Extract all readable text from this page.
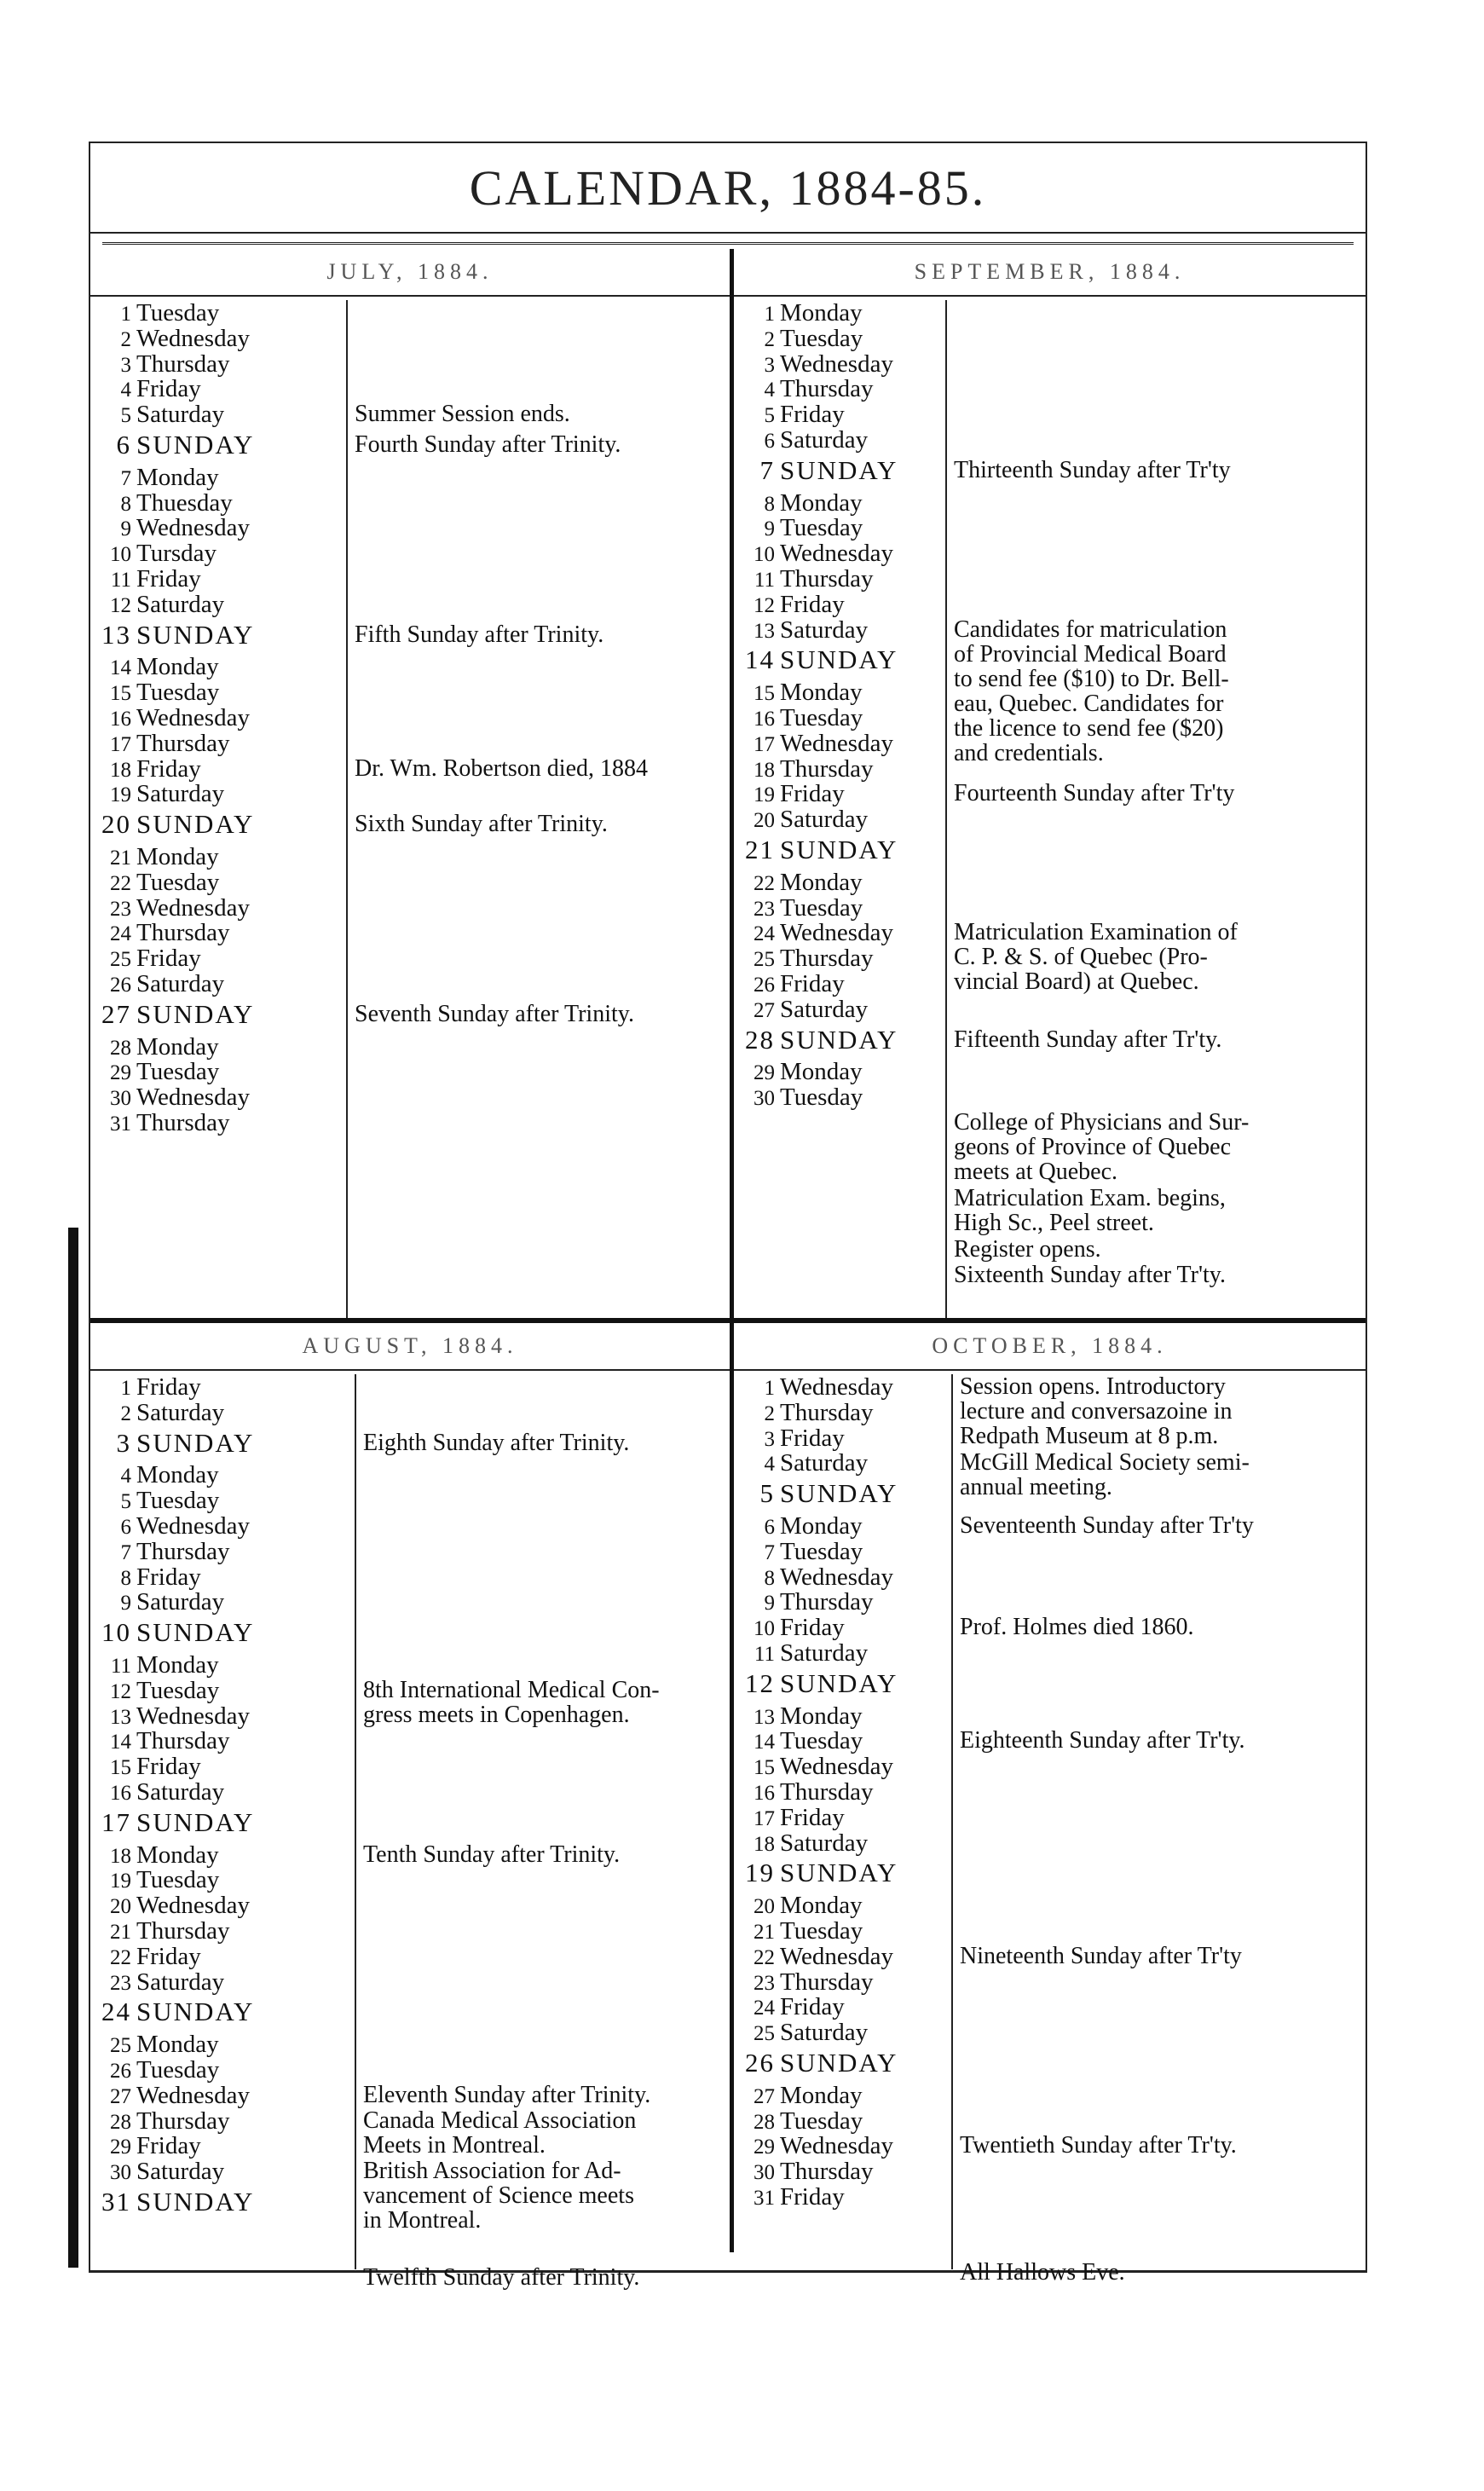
CALENDAR, 1884-85.
JULY, 1884.
1 Tuesday
2 Wednesday
3 Thursday
4 Friday
5 Saturday
6 SUNDAY
7 Monday
8 Thuesday
9 Wednesday
10 Tursday
11 Friday
12 Saturday
13 SUNDAY
14 Monday
15 Tuesday
16 Wednesday
17 Thursday
18 Friday
19 Saturday
20 SUNDAY
21 Monday
22 Tuesday
23 Wednesday
24 Thursday
25 Friday
26 Saturday
27 SUNDAY
28 Monday
29 Tuesday
30 Wednesday
31 Thursday
Summer Session ends.
Fourth Sunday after Trinity.
Fifth Sunday after Trinity.
Dr. Wm. Robertson died, 1884
Sixth Sunday after Trinity.
Seventh Sunday after Trinity.
SEPTEMBER, 1884.
1 Monday
2 Tuesday
3 Wednesday
4 Thursday
5 Friday
6 Saturday
7 SUNDAY
8 Monday
9 Tuesday
10 Wednesday
11 Thursday
12 Friday
13 Saturday
14 SUNDAY
15 Monday
16 Tuesday
17 Wednesday
18 Thursday
19 Friday
20 Saturday
21 SUNDAY
22 Monday
23 Tuesday
24 Wednesday
25 Thursday
26 Friday
27 Saturday
28 SUNDAY
29 Monday
30 Tuesday
Thirteenth Sunday after Tr'ty
Candidates for matriculation
of Provincial Medical Board
to send fee ($10) to Dr. Bell-
eau, Quebec. Candidates for
the licence to send fee ($20)
and credentials.
Fourteenth Sunday after Tr'ty
Matriculation Examination of
C. P. & S. of Quebec (Pro-
vincial Board) at Quebec.
Fifteenth Sunday after Tr'ty.
College of Physicians and Sur-
geons of Province of Quebec
meets at Quebec.
Matriculation Exam. begins,
High Sc., Peel street.
Register opens.
Sixteenth Sunday after Tr'ty.
AUGUST, 1884.
1 Friday
2 Saturday
3 SUNDAY
4 Monday
5 Tuesday
6 Wednesday
7 Thursday
8 Friday
9 Saturday
10 SUNDAY
11 Monday
12 Tuesday
13 Wednesday
14 Thursday
15 Friday
16 Saturday
17 SUNDAY
18 Monday
19 Tuesday
20 Wednesday
21 Thursday
22 Friday
23 Saturday
24 SUNDAY
25 Monday
26 Tuesday
27 Wednesday
28 Thursday
29 Friday
30 Saturday
31 SUNDAY
Eighth Sunday after Trinity.
8th International Medical Con-
gress meets in Copenhagen.
Tenth Sunday after Trinity.
Eleventh Sunday after Trinity.
Canada Medical Association
Meets in Montreal.
British Association for Ad-
vancement of Science meets
in Montreal.
Twelfth Sunday after Trinity.
OCTOBER, 1884.
1 Wednesday
2 Thursday
3 Friday
4 Saturday
5 SUNDAY
6 Monday
7 Tuesday
8 Wednesday
9 Thursday
10 Friday
11 Saturday
12 SUNDAY
13 Monday
14 Tuesday
15 Wednesday
16 Thursday
17 Friday
18 Saturday
19 SUNDAY
20 Monday
21 Tuesday
22 Wednesday
23 Thursday
24 Friday
25 Saturday
26 SUNDAY
27 Monday
28 Tuesday
29 Wednesday
30 Thursday
31 Friday
Session opens. Introductory
lecture and conversazoine in
Redpath Museum at 8 p.m.
McGill Medical Society semi-
annual meeting.
Seventeenth Sunday after Tr'ty
Prof. Holmes died 1860.
Eighteenth Sunday after Tr'ty.
Nineteenth Sunday after Tr'ty
Twentieth Sunday after Tr'ty.
All Hallows Eve.
